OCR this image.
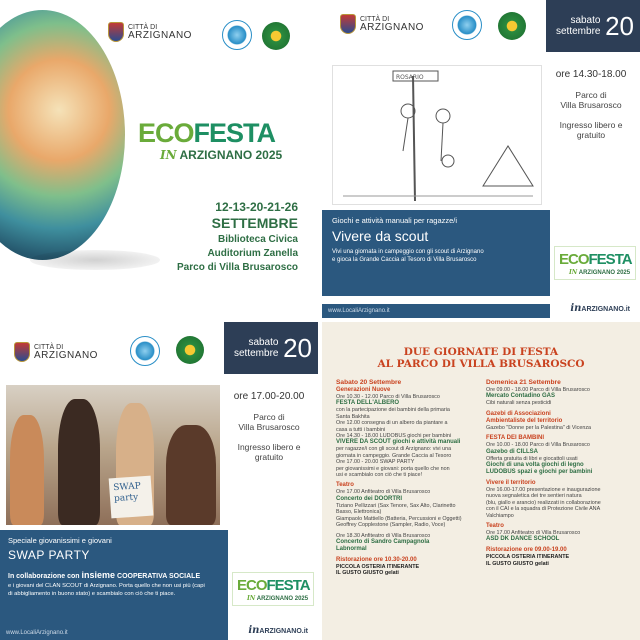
CITTÀ DI
ARZIGNANO
ECOFESTA
IN ARZIGNANO 2025
12-13-20-21-26
SETTEMBRE
Biblioteca Civica
Auditorium Zanella
Parco di Villa Brusarosco
CITTÀ DI
ARZIGNANO
sabato
settembre 20
ore 14.30-18.00
Parco di
Villa Brusarosco
Ingresso libero e
gratuito
ROSARIO
Giochi e attività manuali per ragazze/i
Vivere da scout
Vivi una giornata in campeggio con gli scout di Arzignano
e gioca la Grande Caccia al Tesoro di Villa Brusarosco	ECOFESTA
IN ARZIGNANO 2025
www.LocaliArzignano.it	inARZIGNANO.it
CITTÀ DI
ARZIGNANO
sabato
settembre 20
ore 17.00-20.00
Parco di
Villa Brusarosco
Ingresso libero e
gratuito
SWAP
party
Speciale giovanissimi e giovani
SWAP PARTY
In collaborazione con insieme COOPERATIVA SOCIALE
e i giovani del CLAN SCOUT di Arzignano. Porta quello che non usi più (capi
di abbigliamento in buono stato) e scambialo con ciò che ti piace.	ECOFESTA
IN ARZIGNANO 2025
www.LocaliArzignano.it	inARZIGNANO.it
DUE GIORNATE DI FESTA
AL PARCO DI VILLA BRUSAROSCO
Sabato 20 Settembre
Generazioni Nuove
Ore 10.30 - 12.00 Parco di Villa Brusarosco
FESTA DELL'ALBERO
con la partecipazione dei bambini della primaria
Santa Bakhita
Ore 12.00 consegna di un albero da piantare a
casa a tutti i bambini
Ore 14.30 - 18.00 LUDOBUS giochi per bambini
VIVERE DA SCOUT giochi e attività manuali
per ragazze/i con gli scout di Arzignano: vivi una
giornata in campeggio. Grande Caccia al Tesoro
Ore 17.00 - 20.00 SWAP PARTY
per giovanissimi e giovani: porta quello che non
usi e scambialo con ciò che ti piace!
Teatro
Ore 17.00 Anfiteatro di Villa Brusarosco
Concerto dei DOORTRI
Tiziano Pellizzari (Sax Tenore, Sax Alto, Clarinetto
Basso, Elettronica)
Giampaolo Mattiello (Batteria, Percussioni e Oggetti)
Geoffrey Copplestone (Sampler, Radio, Voce)
Ore 18.30 Anfiteatro di Villa Brusarosco
Concerto di Sandro Campagnola
Labnormal
Ristorazione ore 10.30-20.00
PICCOLA OSTERIA ITINERANTE
IL GUSTO GIUSTO gelati
Domenica 21 Settembre
Ore 09.00 - 18.00 Parco di Villa Brusarosco
Mercato Contadino GAS
Cibi naturali senza pesticidi
Gazebi di Associazioni
Ambientaliste del territorio
Gazebo "Donne per la Palestina" di Vicenza
FESTA DEI BAMBINI
Ore 10.00 - 18.00 Parco di Villa Brusarosco
Gazebo di CILLSA
Offerta gratuita di libri e giocattoli usati
Giochi di una volta giochi di legno
LUDOBUS spazi e giochi per bambini
Vivere il territorio
Ore 16.00-17.00 presentazione e inaugurazione
nuova segnaletica dei tre sentieri natura
(blu, giallo e arancio) realizzati in collaborazione
con il CAI e la squadra di Protezione Civile ANA
Valchiampo
Teatro
Ore 17.00 Anfiteatro di Villa Brusarosco
ASD DK DANCE SCHOOL
Ristorazione ore 09.00-19.00
PICCOLA OSTERIA ITINERANTE
IL GUSTO GIUSTO gelati
